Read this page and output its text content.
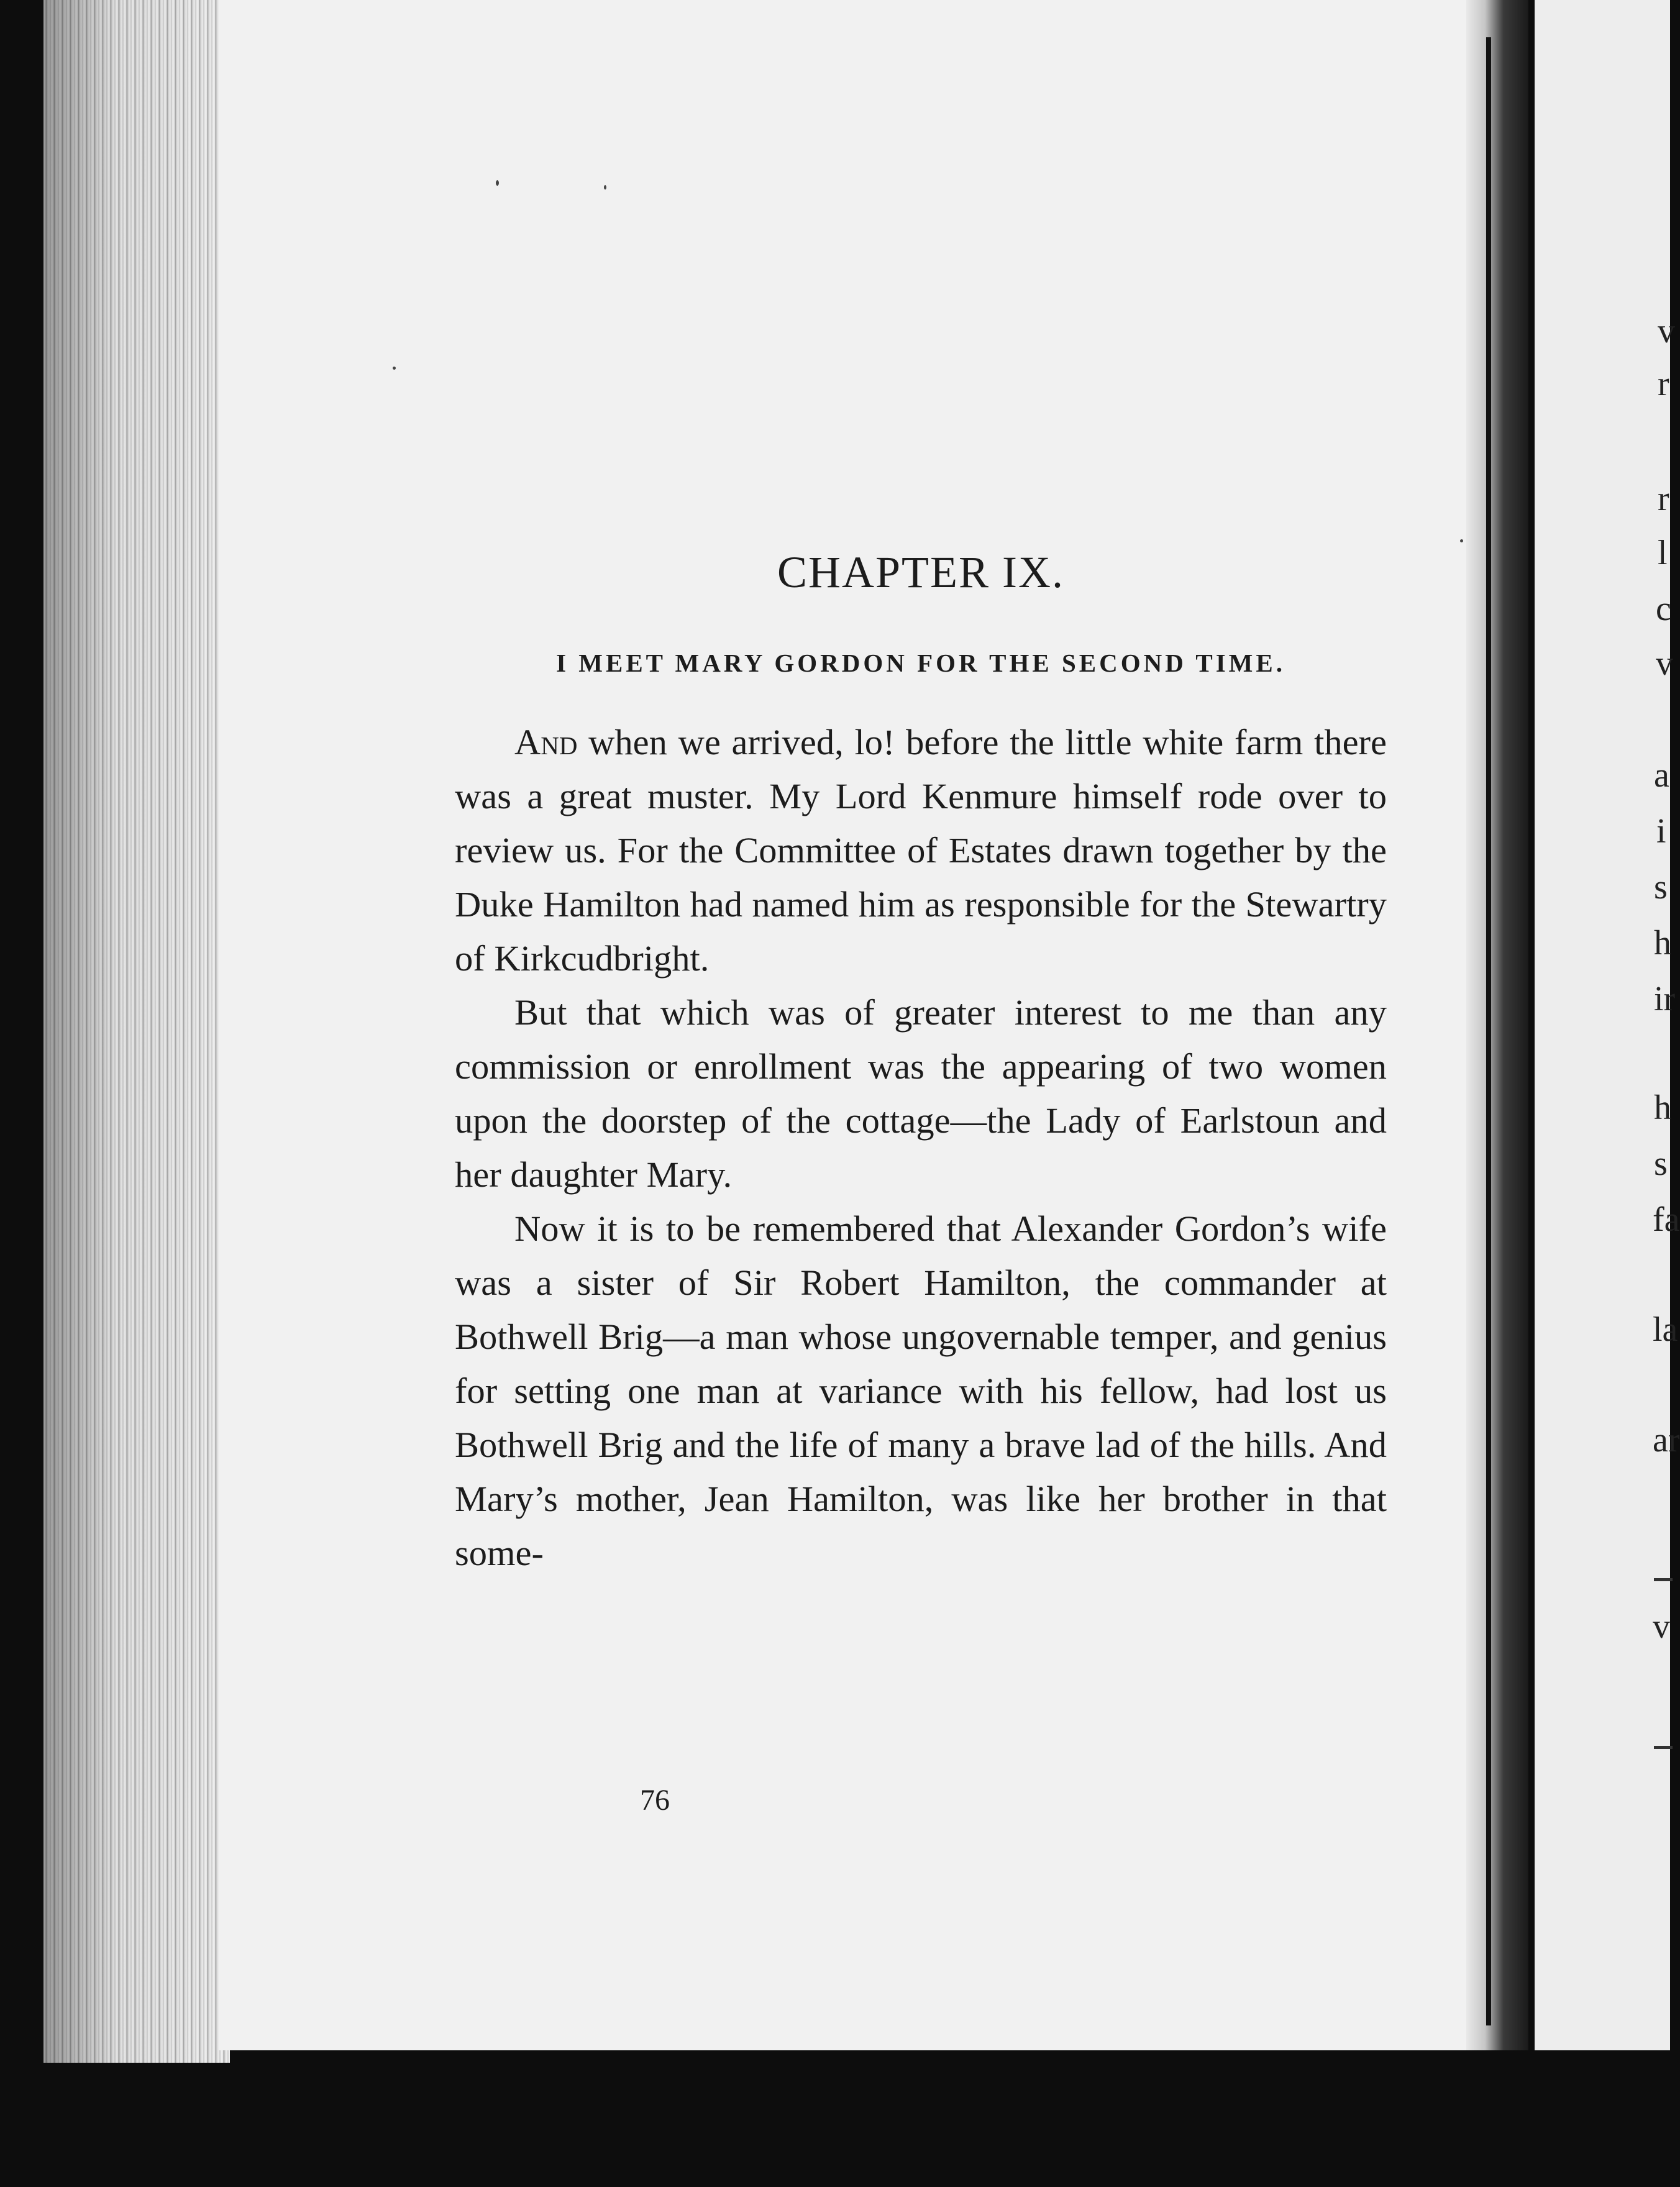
v
r
r
l
c
v
a
i
s
h
ir
h
s
fa
la
ar
v
CHAPTER IX.
I MEET MARY GORDON FOR THE SECOND TIME.

And when we arrived, lo! before the little white farm there was a great muster. My Lord Kenmure himself rode over to review us. For the Committee of Estates drawn together by the Duke Hamilton had named him as responsible for the Stewartry of Kirkcudbright.

But that which was of greater interest to me than any commission or enrollment was the appearing of two women upon the doorstep of the cottage—the Lady of Earlstoun and her daughter Mary.

Now it is to be remembered that Alexander Gordon’s wife was a sister of Sir Robert Hamilton, the commander at Bothwell Brig—a man whose ungovernable temper, and genius for setting one man at variance with his fellow, had lost us Bothwell Brig and the life of many a brave lad of the hills. And Mary’s mother, Jean Hamilton, was like her brother in that some-

76
